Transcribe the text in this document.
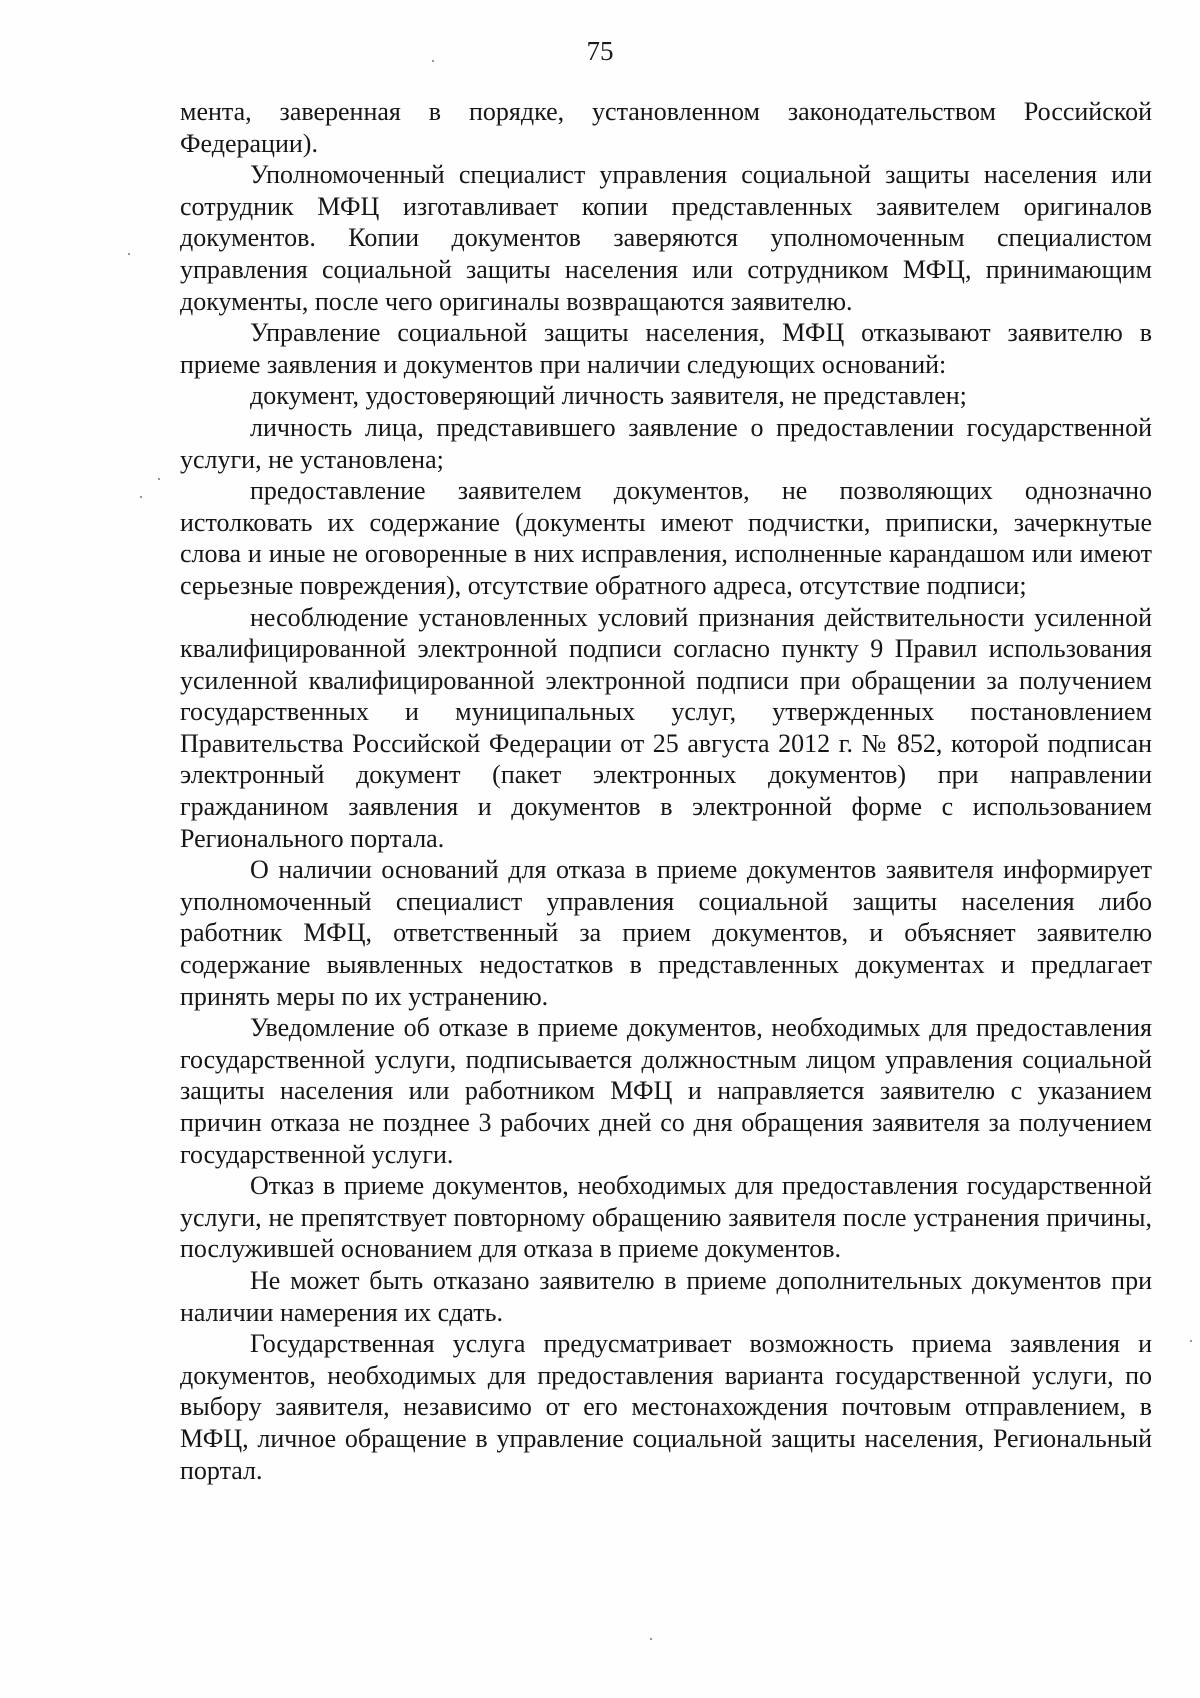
75

мента, заверенная в порядке, установленном законодательством Российской Федерации).

Уполномоченный специалист управления социальной защиты населения или сотрудник МФЦ изготавливает копии представленных заявителем оригиналов документов. Копии документов заверяются уполномоченным специалистом управления социальной защиты населения или сотрудником МФЦ, принимающим документы, после чего оригиналы возвращаются заявителю.

Управление социальной защиты населения, МФЦ отказывают заявителю в приеме заявления и документов при наличии следующих оснований:

документ, удостоверяющий личность заявителя, не представлен;

личность лица, представившего заявление о предоставлении государственной услуги, не установлена;

предоставление заявителем документов, не позволяющих однозначно истолковать их содержание (документы имеют подчистки, приписки, зачеркнутые слова и иные не оговоренные в них исправления, исполненные карандашом или имеют серьезные повреждения), отсутствие обратного адреса, отсутствие подписи;

несоблюдение установленных условий признания действительности усиленной квалифицированной электронной подписи согласно пункту 9 Правил использования усиленной квалифицированной электронной подписи при обращении за получением государственных и муниципальных услуг, утвержденных постановлением Правительства Российской Федерации от 25 августа 2012 г. № 852, которой подписан электронный документ (пакет электронных документов) при направлении гражданином заявления и документов в электронной форме с использованием Регионального портала.

О наличии оснований для отказа в приеме документов заявителя информирует уполномоченный специалист управления социальной защиты населения либо работник МФЦ, ответственный за прием документов, и объясняет заявителю содержание выявленных недостатков в представленных документах и предлагает принять меры по их устранению.

Уведомление об отказе в приеме документов, необходимых для предоставления государственной услуги, подписывается должностным лицом управления социальной защиты населения или работником МФЦ и направляется заявителю с указанием причин отказа не позднее 3 рабочих дней со дня обращения заявителя за получением государственной услуги.

Отказ в приеме документов, необходимых для предоставления государственной услуги, не препятствует повторному обращению заявителя после устранения причины, послужившей основанием для отказа в приеме документов.

Не может быть отказано заявителю в приеме дополнительных документов при наличии намерения их сдать.

Государственная услуга предусматривает возможность приема заявления и документов, необходимых для предоставления варианта государственной услуги, по выбору заявителя, независимо от его местонахождения почтовым отправлением, в МФЦ, личное обращение в управление социальной защиты населения, Региональный портал.
